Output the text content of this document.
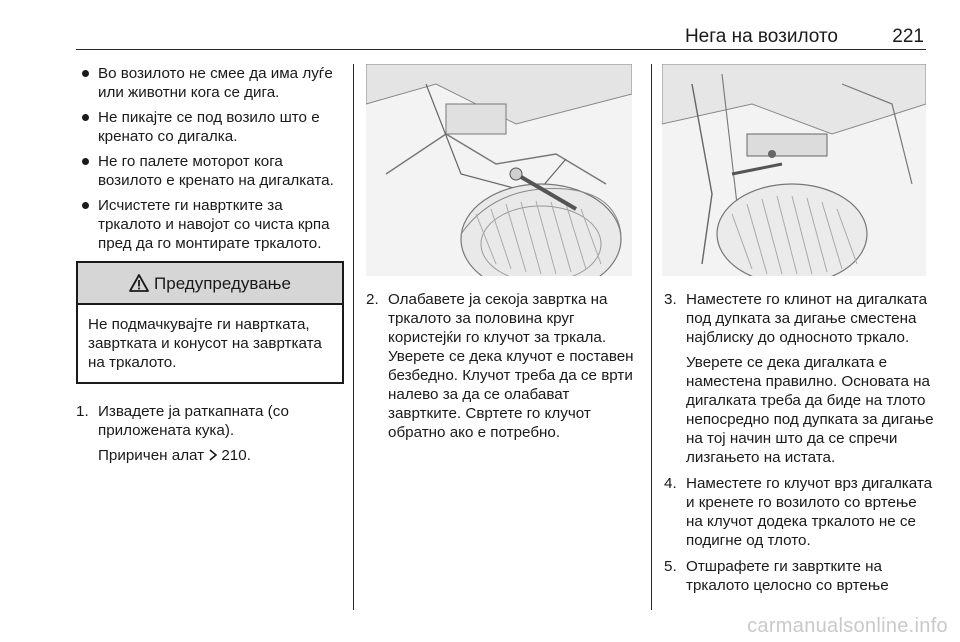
Нега на возилото	221
Во возилото не смее да има луѓе или животни кога се дига.
Не пикајте се под возило што е кренато со дигалка.
Не го палете моторот кога возилото е кренато на дигалката.
Исчистете ги навртките за тркалото и навојот со чиста крпа пред да го монтирате тркалото.
Предупредување
Не подмачкувајте ги навртката, завртката и конусот на завртката на тркалото.
1. Извадете ја раткапната (со приложената кука).
Приричен алат 210.
2. Олабавете ја секоја завртка на тркалото за половина круг користејќи го клучот за тркала. Уверете се дека клучот е поставен безбедно. Клучот треба да се врти налево за да се олабават завртките. Свртете го клучот обратно ако е потребно.
3. Наместете го клинот на дигалката под дупката за дигање сместена најблиску до односното тркало.
Уверете се дека дигалката е наместена правилно. Основата на дигалката треба да биде на тлото непосредно под дупката за дигање на тој начин што да се спречи лизгањето на истата.
4. Наместете го клучот врз дигалката и кренете го возилото со вртење на клучот додека тркалото не се подигне од тлото.
5. Отшрафете ги завртките на тркалото целосно со вртење
carmanualsonline.info
